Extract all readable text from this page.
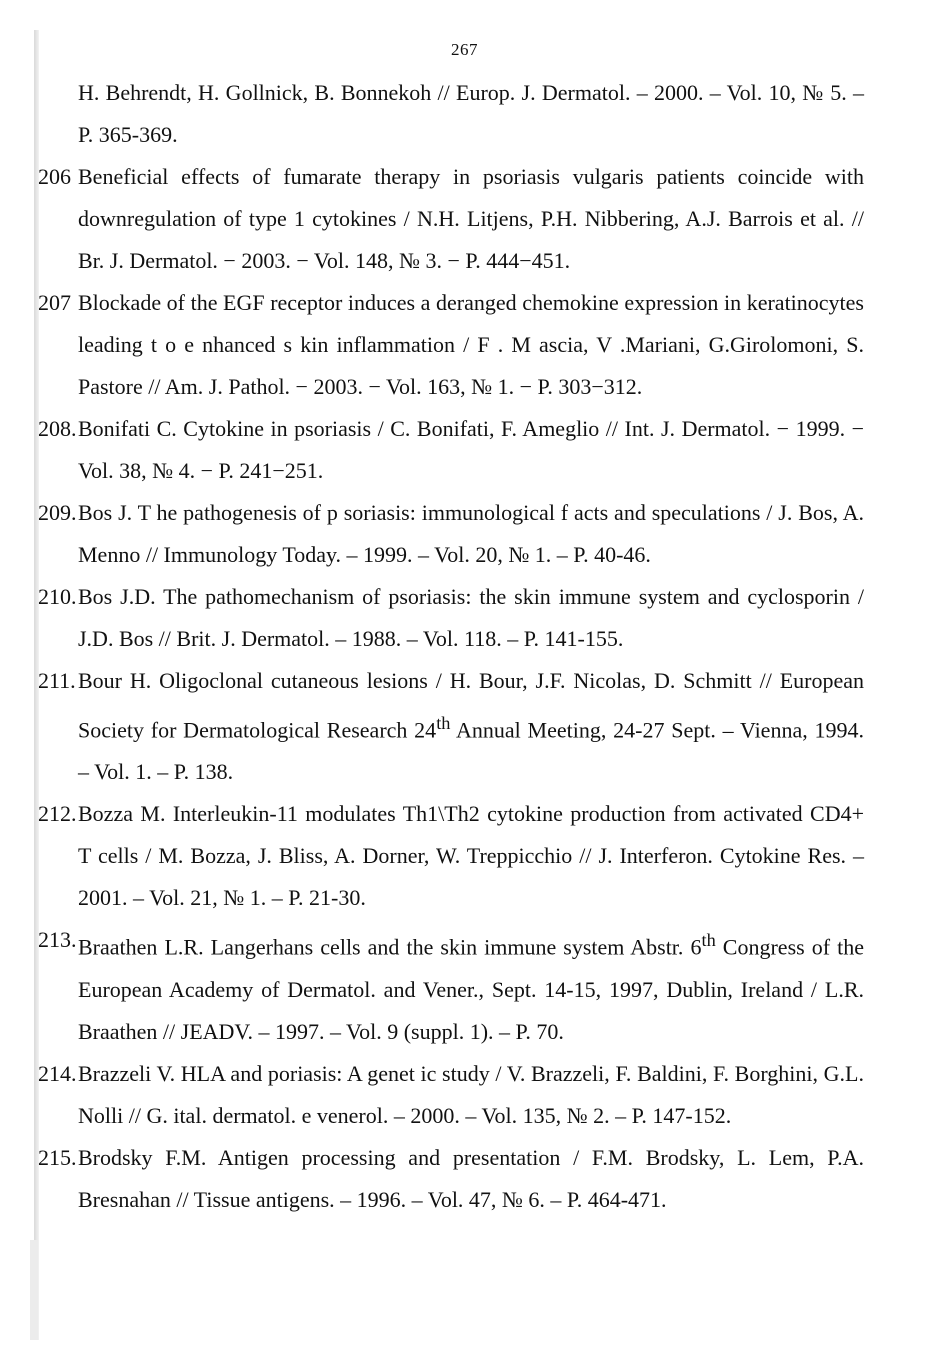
267
H. Behrendt, H. Gollnick, B. Bonnekoh // Europ. J. Dermatol. – 2000. – Vol. 10, № 5. – P. 365-369.
206 Beneficial effects of fumarate therapy in psoriasis vulgaris patients coincide with downregulation of type 1 cytokines / N.H. Litjens, P.H. Nibbering, A.J. Barrois et al. // Br. J. Dermatol. − 2003. − Vol. 148, № 3. − P. 444−451.
207 Blockade of the EGF receptor induces a deranged chemokine expression in keratinocytes leading t o e nhanced s kin inflammation / F . M ascia, V .Mariani, G.Girolomoni, S. Pastore // Am. J. Pathol. − 2003. − Vol. 163, № 1. − P. 303−312.
208. Bonifati C. Cytokine in psoriasis / C. Bonifati, F. Ameglio // Int. J. Dermatol. − 1999. − Vol. 38, № 4. − P. 241−251.
209. Bos J. T he pathogenesis of p soriasis: immunological f acts and speculations / J. Bos, A. Menno // Immunology Today. – 1999. – Vol. 20, № 1. – P. 40-46.
210. Bos J.D. The pathomechanism of psoriasis: the skin immune system and cyclosporin / J.D. Bos // Brit. J. Dermatol. – 1988. – Vol. 118. – P. 141-155.
211. Bour H. Oligoclonal cutaneous lesions / H. Bour, J.F. Nicolas, D. Schmitt // European Society for Dermatological Research 24th Annual Meeting, 24-27 Sept. – Vienna, 1994. – Vol. 1. – P. 138.
212. Bozza M. Interleukin-11 modulates Th1\Th2 cytokine production from activated CD4+ T cells / M. Bozza, J. Bliss, A. Dorner, W. Treppicchio // J. Interferon. Cytokine Res. – 2001. – Vol. 21, № 1. – P. 21-30.
213. Braathen L.R. Langerhans cells and the skin immune system Abstr. 6th Congress of the European Academy of Dermatol. and Vener., Sept. 14-15, 1997, Dublin, Ireland / L.R. Braathen // JEADV. – 1997. – Vol. 9 (suppl. 1). – P. 70.
214. Brazzeli V. HLA and poriasis: A genet ic study / V. Brazzeli, F. Baldini, F. Borghini, G.L. Nolli // G. ital. dermatol. e venerol. – 2000. – Vol. 135, № 2. – P. 147-152.
215. Brodsky F.M. Antigen processing and presentation / F.M. Brodsky, L. Lem, P.A. Bresnahan // Tissue antigens. – 1996. – Vol. 47, № 6. – P. 464-471.
